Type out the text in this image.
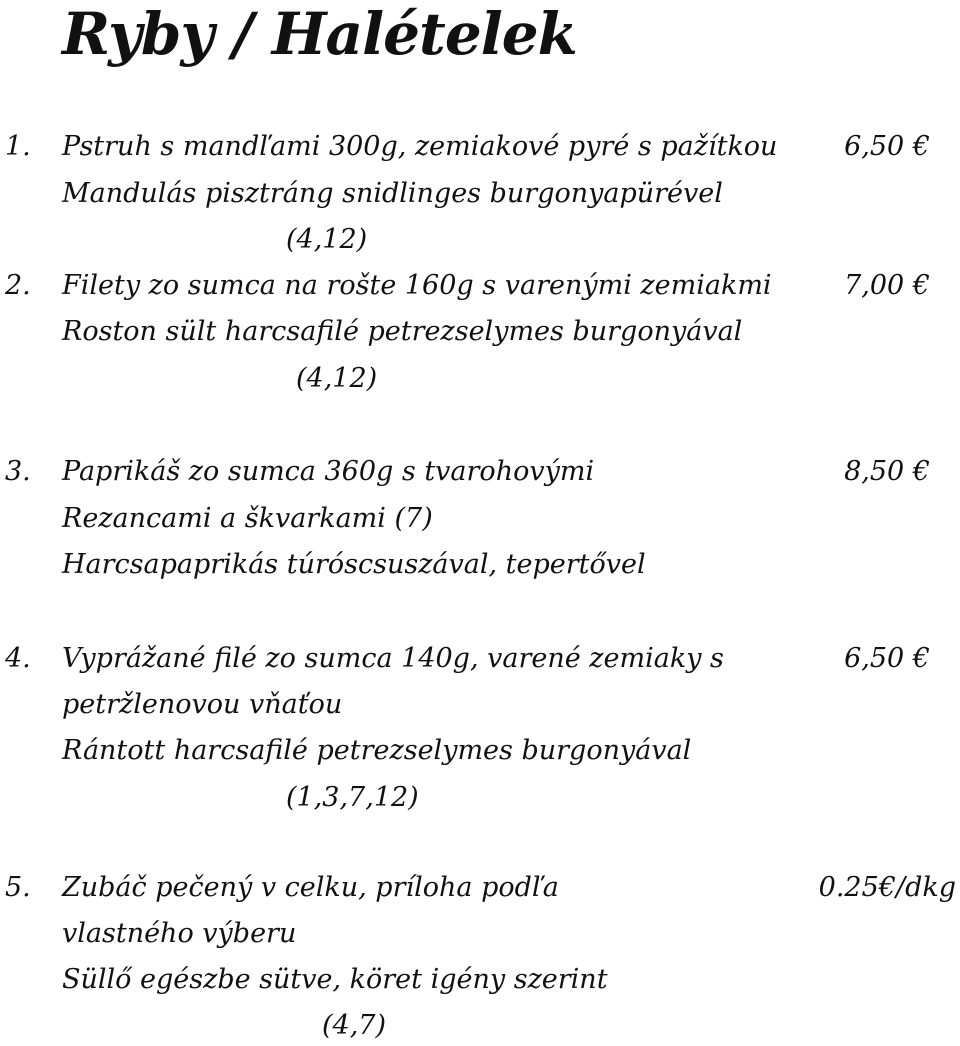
Ryby / Halételek
1. Pstruh s mandľami 300g, zemiakové pyré s pažítkou
Mandulás pisztráng snidlinges burgonyapürével
(4,12)
6,50 €
2. Filety zo sumca na rošte 160g s varenými zemiakmi
Roston sült harcsafilé petrezselymes burgonyával
(4,12)
7,00 €
3. Paprikáš zo sumca 360g s tvarohovými
Rezancami a škvarkami (7)
Harcsapaprikás túróscsuszával, tepertővel
8,50 €
4. Vyprážané filé zo sumca 140g, varené zemiaky s
petržlenovou vňaťou
Rántott harcsafilé petrezselymes burgonyával
(1,3,7,12)
6,50 €
5. Zubáč pečený v celku, príloha podľa
vlastného výberu
Süllő egészbe sütve, köret igény szerint
(4,7)
0.25€/dkg
